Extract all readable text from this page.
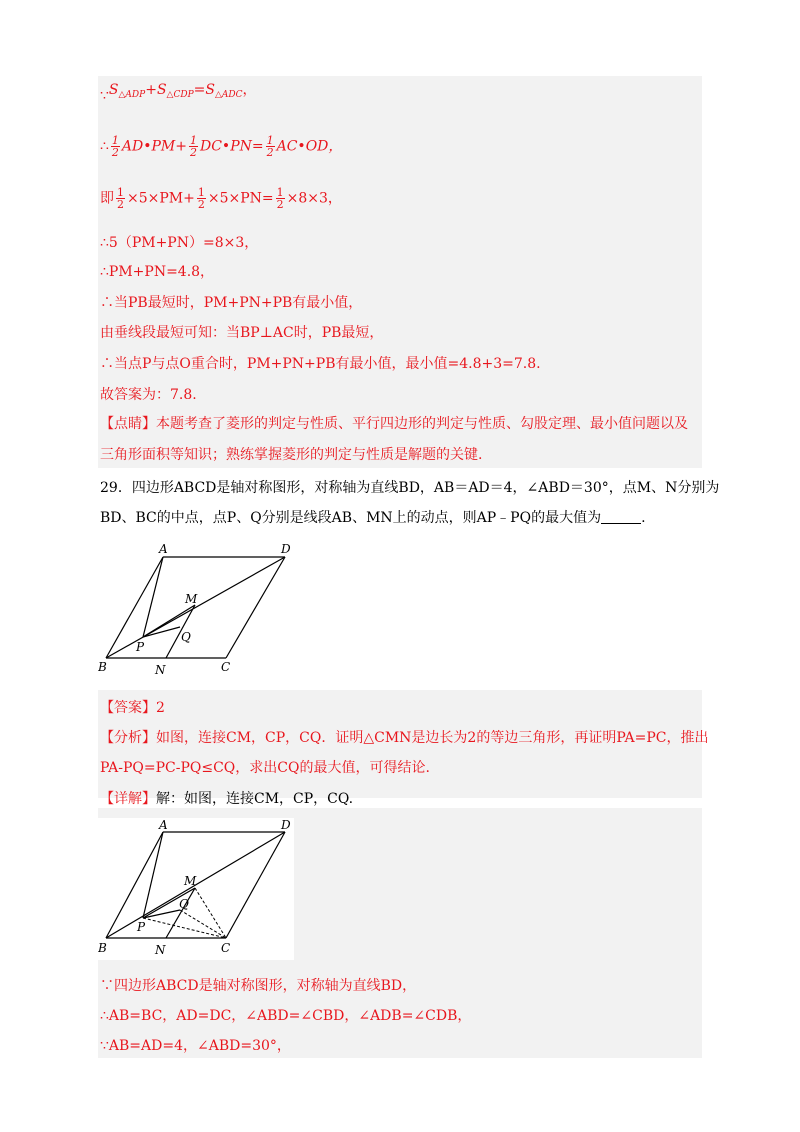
$\because S_{\triangle ADP}+S_{\triangle CDP}=S_{\triangle ADC}$，
∴ $\frac{1}{2}$ AD•PM+ $\frac{1}{2}$ DC•PN= $\frac{1}{2}$ AC•OD，
即 $\frac{1}{2} \times 5\times PM+ \frac{1}{2} \times 5\times PN= \frac{1}{2} \times 8\times 3$，
∴5（PM+PN）=8×3，
∴PM+PN=4.8，
∴当PB最短时，PM+PN+PB有最小值，
由垂线段最短可知：当BP⊥AC时，PB最短，
∴当点P与点O重合时，PM+PN+PB有最小值，最小值=4.8+3=7.8.
故答案为：7.8.
【点睛】本题考查了菱形的判定与性质、平行四边形的判定与性质、勾股定理、最小值问题以及
三角形面积等知识；熟练掌握菱形的判定与性质是解题的关键.
29．四边形ABCD是轴对称图形，对称轴为直线BD，AB＝AD＝4，∠ABD＝30°，点M、N分别为
BD、BC的中点，点P、Q分别是线段AB、MN上的动点，则AP﹣PQ的最大值为	.
A	D
M
Q
P
B	N	C
【答案】2
【分析】如图，连接CM，CP，CQ．证明△CMN是边长为2的等边三角形，再证明PA=PC，推出
PA-PQ=PC-PQ≤CQ，求出CQ的最大值，可得结论.
【详解】解：如图，连接CM，CP，CQ.
A	D
M
Q
P
B	N	C
∵四边形ABCD是轴对称图形，对称轴为直线BD，
∴AB=BC，AD=DC，∠ABD=∠CBD，∠ADB=∠CDB，
∵AB=AD=4，∠ABD=30°，
